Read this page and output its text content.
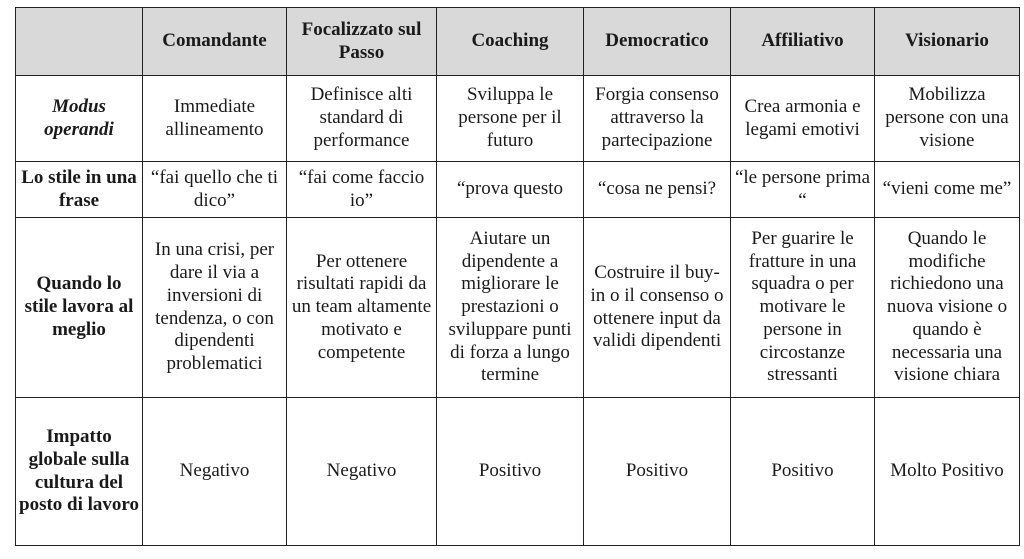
	Comandante	Focalizzato sul Passo	Coaching	Democratico	Affiliativo	Visionario
Modus operandi	Immediate allineamento	Definisce alti standard di performance	Sviluppa le persone per il futuro	Forgia consenso attraverso la partecipazione	Crea armonia e legami emotivi	Mobilizza persone con una visione
Lo stile in una frase	“fai quello che ti dico”	“fai come faccio io”	“prova questo	“cosa ne pensi?	“le persone prima “	“vieni come me”
Quando lo stile lavora al meglio	In una crisi, per dare il via a inversioni di tendenza, o con dipendenti problematici	Per ottenere risultati rapidi da un team altamente motivato e competente	Aiutare un dipendente a migliorare le prestazioni o sviluppare punti di forza a lungo termine	Costruire il buy-in o il consenso o ottenere input da validi dipendenti	Per guarire le fratture in una squadra o per motivare le persone in circostanze stressanti	Quando le modifiche richiedono una nuova visione o quando è necessaria una visione chiara
Impatto globale sulla cultura del posto di lavoro	Negativo	Negativo	Positivo	Positivo	Positivo	Molto Positivo
